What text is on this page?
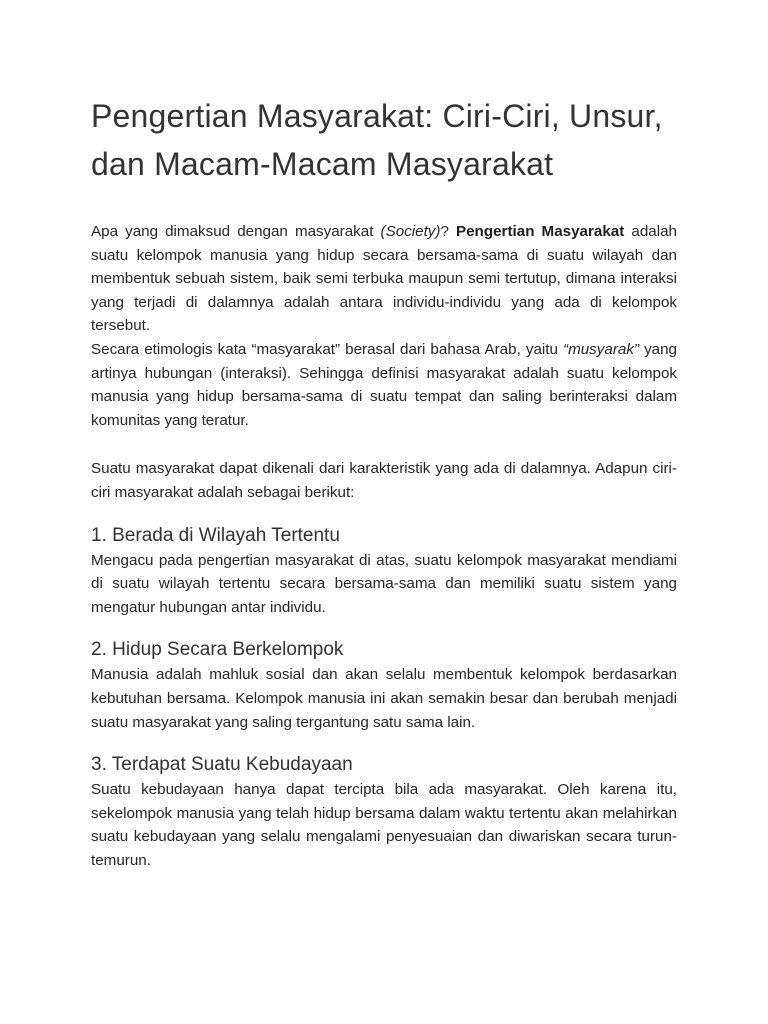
Pengertian Masyarakat: Ciri-Ciri, Unsur, dan Macam-Macam Masyarakat

Apa yang dimaksud dengan masyarakat (Society)? Pengertian Masyarakat adalah suatu kelompok manusia yang hidup secara bersama-sama di suatu wilayah dan membentuk sebuah sistem, baik semi terbuka maupun semi tertutup, dimana interaksi yang terjadi di dalamnya adalah antara individu-individu yang ada di kelompok tersebut.

Secara etimologis kata “masyarakat” berasal dari bahasa Arab, yaitu “musyarak” yang artinya hubungan (interaksi). Sehingga definisi masyarakat adalah suatu kelompok manusia yang hidup bersama-sama di suatu tempat dan saling berinteraksi dalam komunitas yang teratur.

Suatu masyarakat dapat dikenali dari karakteristik yang ada di dalamnya. Adapun ciri-ciri masyarakat adalah sebagai berikut:

1. Berada di Wilayah Tertentu

Mengacu pada pengertian masyarakat di atas, suatu kelompok masyarakat mendiami di suatu wilayah tertentu secara bersama-sama dan memiliki suatu sistem yang mengatur hubungan antar individu.

2. Hidup Secara Berkelompok

Manusia adalah mahluk sosial dan akan selalu membentuk kelompok berdasarkan kebutuhan bersama. Kelompok manusia ini akan semakin besar dan berubah menjadi suatu masyarakat yang saling tergantung satu sama lain.

3. Terdapat Suatu Kebudayaan

Suatu kebudayaan hanya dapat tercipta bila ada masyarakat. Oleh karena itu, sekelompok manusia yang telah hidup bersama dalam waktu tertentu akan melahirkan suatu kebudayaan yang selalu mengalami penyesuaian dan diwariskan secara turun-temurun.
